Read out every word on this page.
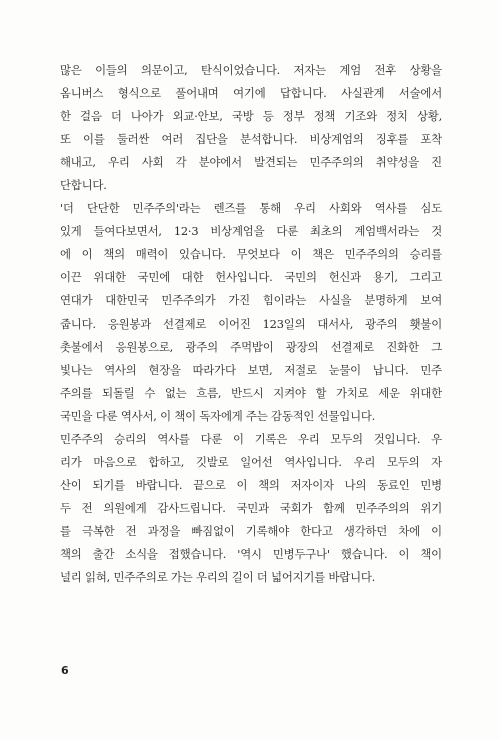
많은 이들의 의문이고, 탄식이었습니다. 저자는 계엄 전후 상황을
옴니버스 형식으로 풀어내며 여기에 답합니다. 사실관계 서술에서
한 걸음 더 나아가 외교·안보, 국방 등 정부 정책 기조와 정치 상황,
또 이를 둘러싼 여러 집단을 분석합니다. 비상계엄의 징후를 포착
해내고, 우리 사회 각 분야에서 발견되는 민주주의의 취약성을 진
단합니다.
'더 단단한 민주주의'라는 렌즈를 통해 우리 사회와 역사를 심도
있게 들여다보면서, 12·3 비상계엄을 다룬 최초의 계엄백서라는 것
에 이 책의 매력이 있습니다. 무엇보다 이 책은 민주주의의 승리를
이끈 위대한 국민에 대한 헌사입니다. 국민의 헌신과 용기, 그리고
연대가 대한민국 민주주의가 가진 힘이라는 사실을 분명하게 보여
줍니다. 응원봉과 선결제로 이어진 123일의 대서사, 광주의 횃불이
촛불에서 응원봉으로, 광주의 주먹밥이 광장의 선결제로 진화한 그
빛나는 역사의 현장을 따라가다 보면, 저절로 눈물이 납니다. 민주
주의를 되돌릴 수 없는 흐름, 반드시 지켜야 할 가치로 세운 위대한
국민을 다룬 역사서, 이 책이 독자에게 주는 감동적인 선물입니다.
민주주의 승리의 역사를 다룬 이 기록은 우리 모두의 것입니다. 우
리가 마음으로 합하고, 깃발로 일어선 역사입니다. 우리 모두의 자
산이 되기를 바랍니다. 끝으로 이 책의 저자이자 나의 동료인 민병
두 전 의원에게 감사드립니다. 국민과 국회가 함께 민주주의의 위기
를 극복한 전 과정을 빠짐없이 기록해야 한다고 생각하던 차에 이
책의 출간 소식을 접했습니다. '역시 민병두구나' 했습니다. 이 책이
널리 읽혀, 민주주의로 가는 우리의 길이 더 넓어지기를 바랍니다.
6
